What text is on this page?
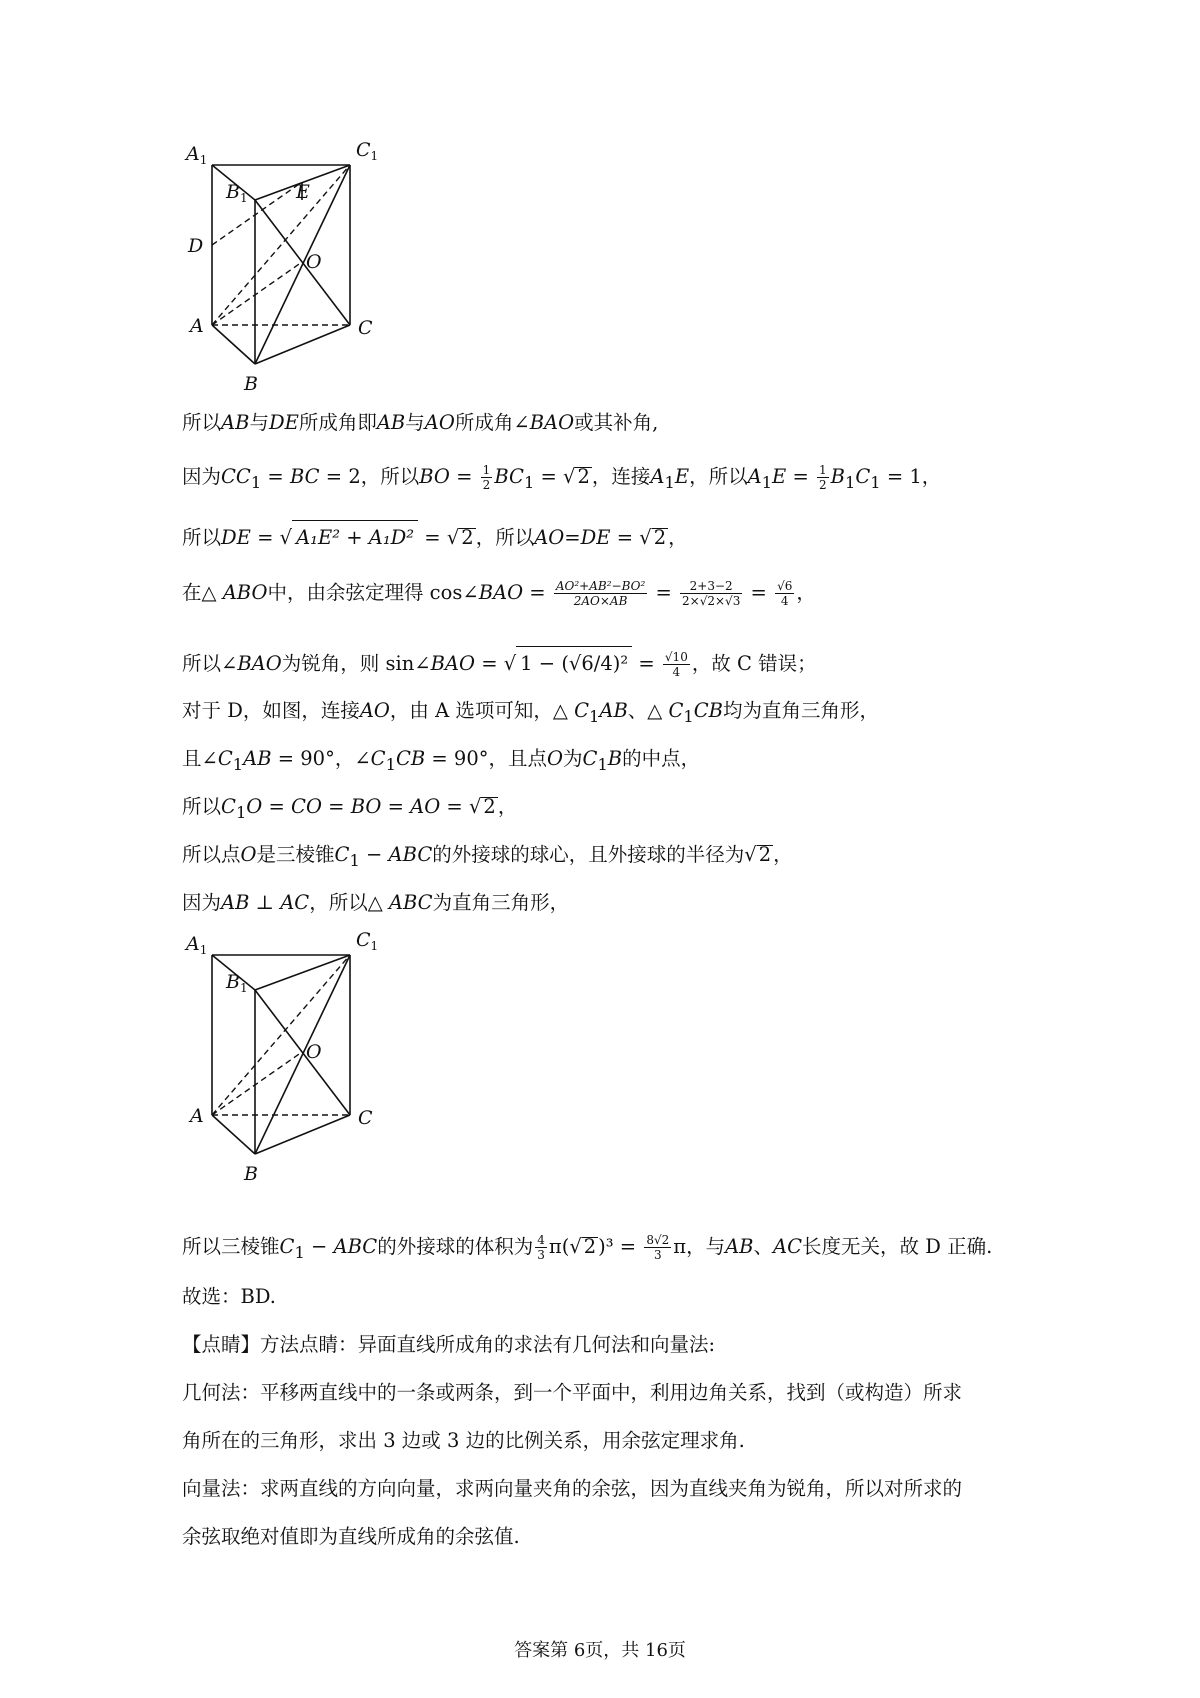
$A_1$	$C_1$
$B_1$	E
D
O
A	C
B
所以AB与DE所成角即AB与AO所成角∠BAO或其补角,
因为$CC_1$ = BC = 2，所以BO = $\frac{1}{2} BC_1$ = √ 2 ，连接$A_1E$，所以$A_1E = \frac{1}{2} B_1C_1 = 1$，
所以DE = √ A₁E² + A₁D² = √ 2 ，所以AO=DE = √ 2 ，
在△ ABO中，由余弦定理得 cos∠BAO = $\frac{\text{AO²+AB²−BO²}}{2AO\times AB} = \frac{2+3-2}{2\times√2\times√3} = \frac{√6}{4}$ ，
所以∠BAO为锐角，则 sin∠BAO = √ $1 - (√6/4)^2 = \frac{√10}{4}$ ，故 C 错误；
对于 D，如图，连接AO，由 A 选项可知，△ $C_1AB$、△ $C_1CB$均为直角三角形，
且$\angle C_1AB = 90^\circ$，$\angle C_1CB = 90^\circ$，且点O为$C_1B$的中点，
所以$C_1O$ = CO = BO = AO = √ 2 ，
所以点O是三棱锥$C_1$ − ABC的外接球的球心，且外接球的半径为√ 2 ，
因为AB ⊥ AC，所以△ ABC为直角三角形，
$A_1$	$C_1$
$B_1$
O
A	C
B
所以三棱锥$C_1$ − ABC的外接球的体积为 $\frac{4}{3} \pi(√$ 2 )$^3 = \frac{8√2}{3}$ π，与AB、AC长度无关，故 D 正确.
故选：BD.
【点睛】方法点睛：异面直线所成角的求法有几何法和向量法:
几何法：平移两直线中的一条或两条，到一个平面中，利用边角关系，找到（或构造）所求
角所在的三角形，求出 3 边或 3 边的比例关系，用余弦定理求角.
向量法：求两直线的方向向量，求两向量夹角的余弦，因为直线夹角为锐角，所以对所求的
余弦取绝对值即为直线所成角的余弦值.
答案第 6页，共 16页
